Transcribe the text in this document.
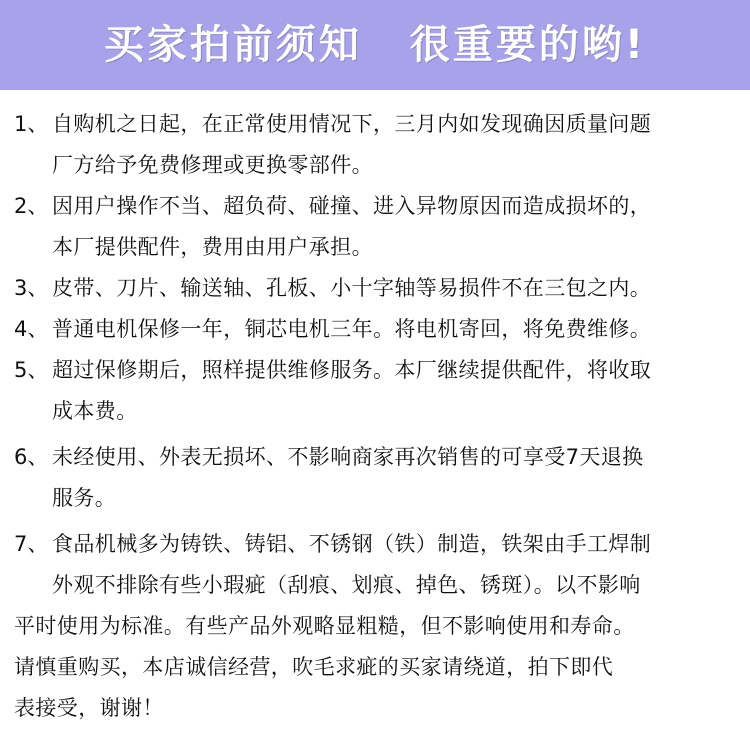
买家拍前须知 很重要的哟!
1、 自购机之日起，在正常使用情况下，三月内如发现确因质量问题
厂方给予免费修理或更换零部件。
2、 因用户操作不当、超负荷、碰撞、进入异物原因而造成损坏的，
本厂提供配件，费用由用户承担。
3、 皮带、刀片、输送轴、孔板、小十字轴等易损件不在三包之内。
4、 普通电机保修一年，铜芯电机三年。将电机寄回，将免费维修。
5、 超过保修期后，照样提供维修服务。本厂继续提供配件，将收取
成本费。
6、 未经使用、外表无损坏、不影响商家再次销售的可享受7天退换
服务。
7、 食品机械多为铸铁、铸铝、不锈钢（铁）制造，铁架由手工焊制
外观不排除有些小瑕疵（刮痕、划痕、掉色、锈斑）。以不影响
平时使用为标准。有些产品外观略显粗糙，但不影响使用和寿命。
请慎重购买，本店诚信经营，吹毛求疵的买家请绕道，拍下即代
表接受，谢谢！
